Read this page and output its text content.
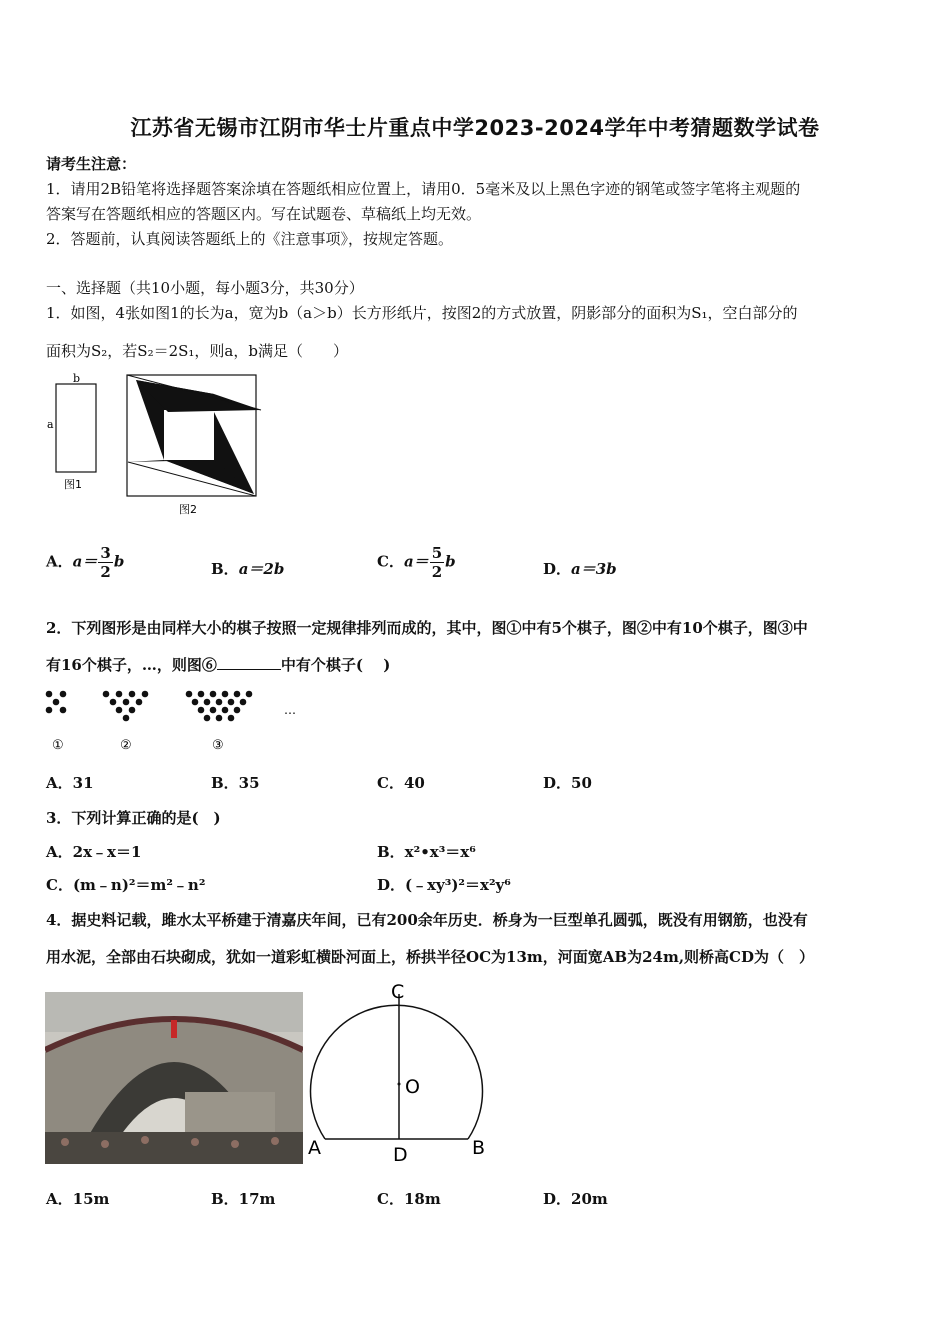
江苏省无锡市江阴市华士片重点中学2023-2024学年中考猜题数学试卷
请考生注意：
1．请用2B铅笔将选择题答案涂填在答题纸相应位置上，请用0．5毫米及以上黑色字迹的钢笔或签字笔将主观题的
答案写在答题纸相应的答题区内。写在试题卷、草稿纸上均无效。
2．答题前，认真阅读答题纸上的《注意事项》，按规定答题。
一、选择题（共10小题，每小题3分，共30分）
1．如图，4张如图1的长为a，宽为b（a＞b）长方形纸片，按图2的方式放置，阴影部分的面积为S₁，空白部分的
面积为S₂，若S₂＝2S₁，则a，b满足（　　）
b
a
图1
图2
A．$a= \frac{3}{2}$ b	B．a＝2b	C．$a= \frac{5}{2}$ b	D．a＝3b
2．下列图形是由同样大小的棋子按照一定规律排列而成的，其中，图①中有5个棋子，图②中有10个棋子，图③中
有16个棋子，…，则图⑥	中有个棋子(　 )
…
①	②	③
A．31	B．35	C．40	D．50
3．下列计算正确的是(　)
A．2x﹣x＝1	B．x²•x³＝x⁶
C．(m﹣n)²＝m²﹣n²	D．(﹣xy³)²＝x²y⁶
4．据史料记载，雎水太平桥建于清嘉庆年间，已有200余年历史．桥身为一巨型单孔圆弧，既没有用钢筋，也没有
用水泥，全部由石块砌成，犹如一道彩虹横卧河面上，桥拱半径OC为13m，河面宽AB为24m,则桥高CD为（　）
C
O
A	D	B
A．15m	B．17m	C．18m	D．20m
